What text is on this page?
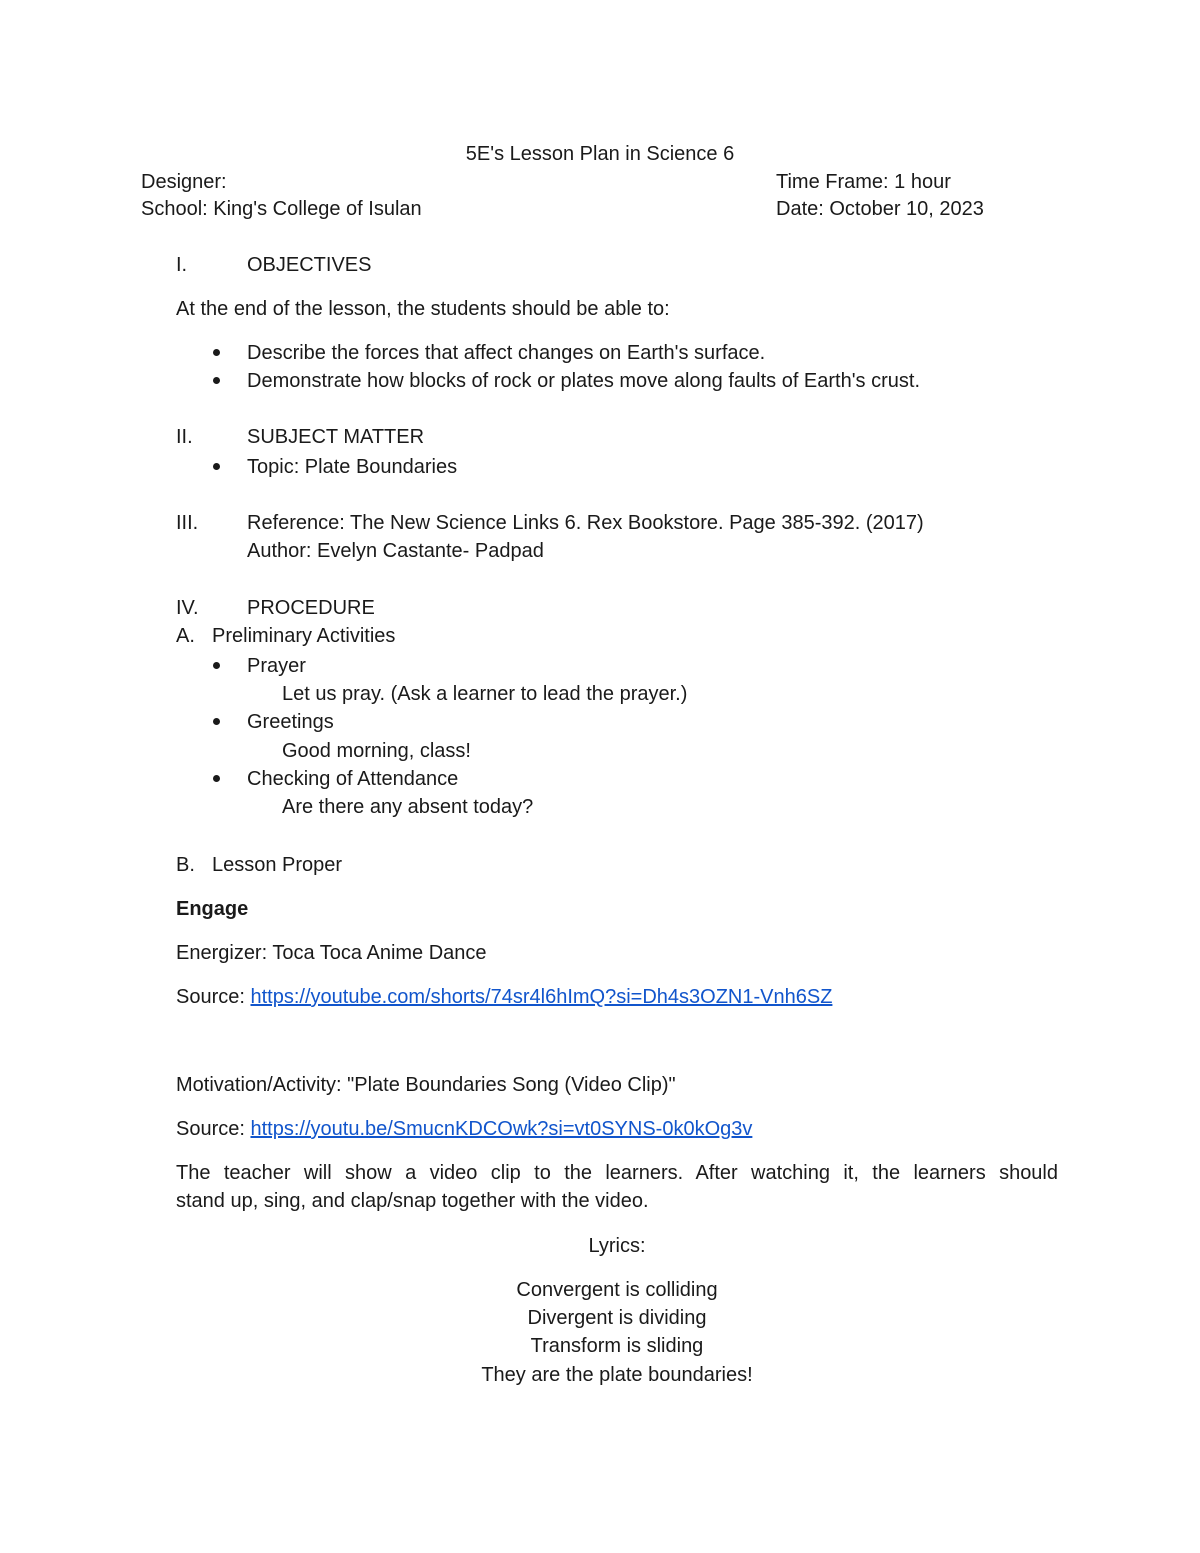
5E's Lesson Plan in Science 6
Designer:
School: King's College of Isulan
Time Frame: 1 hour
Date: October 10, 2023
I.	OBJECTIVES
At the end of the lesson, the students should be able to:
Describe the forces that affect changes on Earth's surface.
Demonstrate how blocks of rock or plates move along faults of Earth's crust.
II.	SUBJECT MATTER
Topic: Plate Boundaries
III. Reference: The New Science Links 6. Rex Bookstore. Page 385-392. (2017)
Author: Evelyn Castante- Padpad
IV. PROCEDURE
A. Preliminary Activities
Prayer
Let us pray. (Ask a learner to lead the prayer.)
Greetings
Good morning, class!
Checking of Attendance
Are there any absent today?
B. Lesson Proper
Engage
Energizer: Toca Toca Anime Dance
Source: https://youtube.com/shorts/74sr4l6hImQ?si=Dh4s3OZN1-Vnh6SZ
Motivation/Activity: "Plate Boundaries Song (Video Clip)"
Source: https://youtu.be/SmucnKDCOwk?si=vt0SYNS-0k0kOg3v
The teacher will show a video clip to the learners. After watching it, the learners should
stand up, sing, and clap/snap together with the video.
Lyrics:
Convergent is colliding
Divergent is dividing
Transform is sliding
They are the plate boundaries!
